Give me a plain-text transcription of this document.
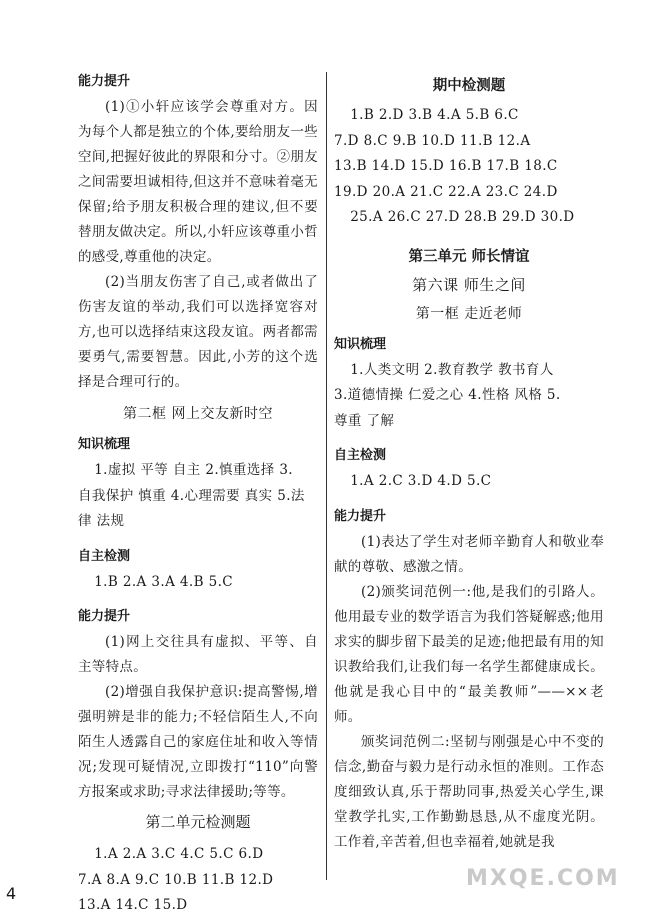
能力提升

(1)①小轩应该学会尊重对方。因为每个人都是独立的个体,要给朋友一些空间,把握好彼此的界限和分寸。②朋友之间需要坦诚相待,但这并不意味着毫无保留;给予朋友积极合理的建议,但不要替朋友做决定。所以,小轩应该尊重小哲的感受,尊重他的决定。

(2)当朋友伤害了自己,或者做出了伤害友谊的举动,我们可以选择宽容对方,也可以选择结束这段友谊。两者都需要勇气,需要智慧。因此,小芳的这个选择是合理可行的。

第二框 网上交友新时空
知识梳理

1.虚拟 平等 自主 2.慎重选择 3.

自我保护 慎重 4.心理需要 真实 5.法

律 法规

自主检测

1.B 2.A 3.A 4.B 5.C

能力提升

(1)网上交往具有虚拟、平等、自主等特点。

(2)增强自我保护意识:提高警惕,增强明辨是非的能力;不轻信陌生人,不向陌生人透露自己的家庭住址和收入等情况;发现可疑情况,立即拨打“110”向警方报案或求助;寻求法律援助;等等。

第二单元检测题

1.A 2.A 3.C 4.C 5.C 6.D

7.A 8.A 9.C 10.B 11.B 12.D

13.A 14.C 15.D

期中检测题

1.B 2.D 3.B 4.A 5.B 6.C

7.D 8.C 9.B 10.D 11.B 12.A

13.B 14.D 15.D 16.B 17.B 18.C

19.D 20.A 21.C 22.A 23.C 24.D

25.A 26.C 27.D 28.B 29.D 30.D

第三单元 师长情谊
第六课 师生之间
第一框 走近老师
知识梳理

1.人类文明 2.教育教学 教书育人

3.道德情操 仁爱之心 4.性格 风格 5.

尊重 了解

自主检测

1.A 2.C 3.D 4.D 5.C

能力提升

(1)表达了学生对老师辛勤育人和敬业奉献的尊敬、感激之情。

(2)颁奖词范例一:他,是我们的引路人。他用最专业的数学语言为我们答疑解惑;他用求实的脚步留下最美的足迹;他把最有用的知识教给我们,让我们每一名学生都健康成长。他就是我心目中的“最美教师”——××老师。

颁奖词范例二:坚韧与刚强是心中不变的信念,勤奋与毅力是行动永恒的准则。工作态度细致认真,乐于帮助同事,热爱关心学生,课堂教学扎实,工作勤勤恳恳,从不虚度光阴。工作着,辛苦着,但也幸福着,她就是我

4
MXQE.COM
